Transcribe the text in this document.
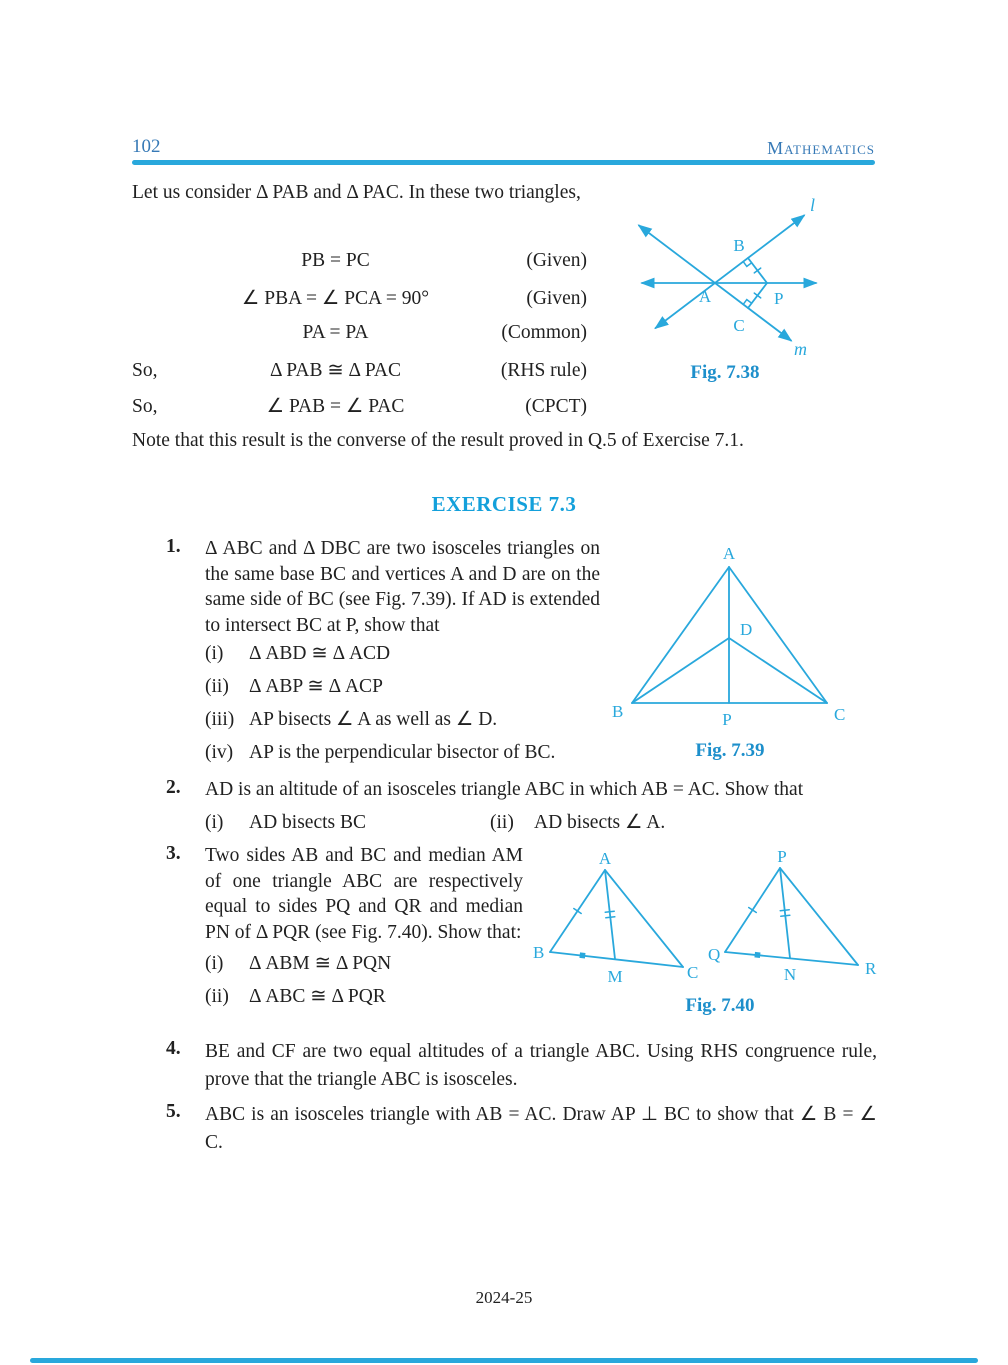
102	Mathematics

Let us consider Δ PAB and Δ PAC. In these two triangles,

PB = PC	(Given)
∠ PBA = ∠ PCA = 90°	(Given)
PA = PA	(Common)
So,	Δ PAB ≅ Δ PAC	(RHS rule)
So,	∠ PAB = ∠ PAC	(CPCT)
l
m
A
B
C
P
Fig. 7.38

Note that this result is the converse of the result proved in Q.5 of Exercise 7.1.

EXERCISE 7.3
1. Δ ABC and Δ DBC are two isosceles triangles on the same base BC and vertices A and D are on the same side of BC (see Fig. 7.39). If AD is extended to intersect BC at P, show that
(i)	Δ ABD ≅ Δ ACD
(ii)	Δ ABP ≅ Δ ACP
(iii) AP bisects ∠ A as well as ∠ D.
(iv) AP is the perpendicular bisector of BC.
A
D
B	P	C
Fig. 7.39
2. AD is an altitude of an isosceles triangle ABC in which AB = AC. Show that
(i)	AD bisects BC	(ii)	AD bisects ∠ A.
3. Two sides AB and BC and median AM of one triangle ABC are respectively equal to sides PQ and QR and median PN of Δ PQR (see Fig. 7.40). Show that:
(i)	Δ ABM ≅ Δ PQN
(ii)	Δ ABC ≅ Δ PQR
A
B
M	C
P
Q
N	R
Fig. 7.40
4. BE and CF are two equal altitudes of a triangle ABC. Using RHS congruence rule, prove that the triangle ABC is isosceles.
5. ABC is an isosceles triangle with AB = AC. Draw AP ⊥ BC to show that ∠ B = ∠ C.
2024-25
